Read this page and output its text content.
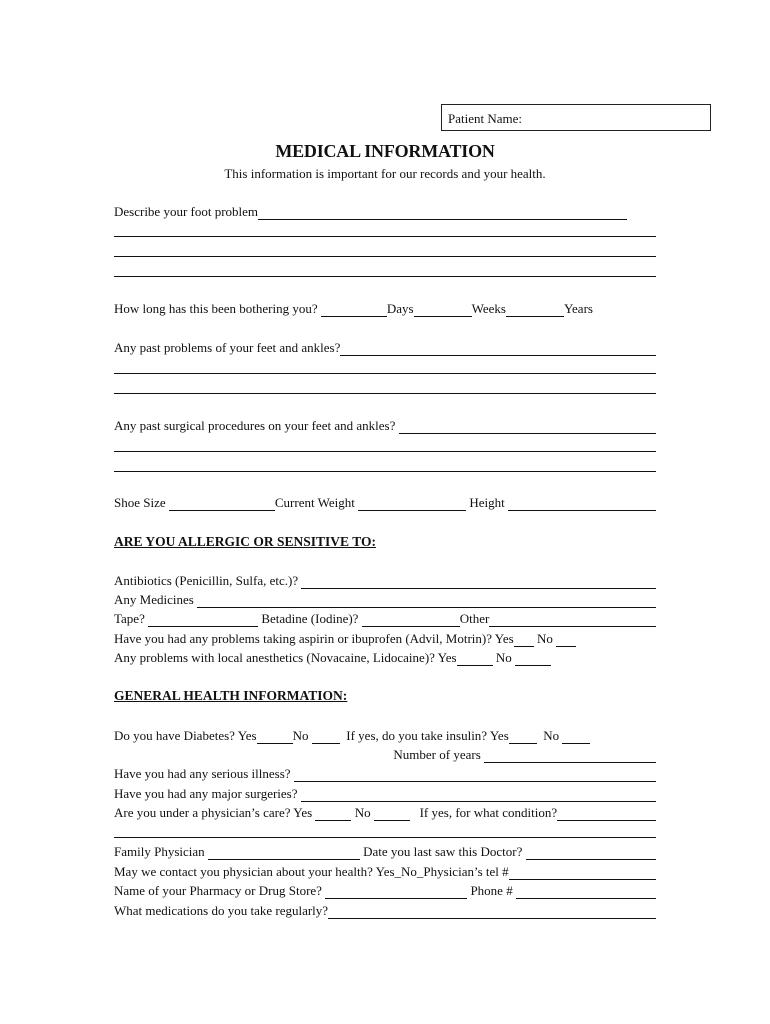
Patient Name:
MEDICAL INFORMATION
This information is important for our records and your health.
Describe your foot problem
How long has this been bothering you?
	Days	Weeks	Years
Any past problems of your feet and ankles?
Any past surgical procedures on your feet and ankles?

Shoe Size
	Current Weight

	Height

ARE YOU ALLERGIC OR SENSITIVE TO:
Antibiotics (Penicillin, Sulfa, etc.)?

Any Medicines

Tape?

	Betadine (Iodine)?
	Other
Have you had any problems taking aspirin or ibuprofen (Advil, Motrin)? Yes
No

Any problems with local anesthetics (Novacaine, Lidocaine)? Yes
	No

GENERAL HEALTH INFORMATION:
Do you have Diabetes? Yes	No

	If yes, do you take insulin? Yes
	No

Number of years

Have you had any serious illness?

Have you had any major surgeries?

Are you under a physician’s care? Yes

	No

	If yes, for what condition?
Family Physician

	Date you last saw this Doctor?

May we contact you physician about your health? Yes_No_Physician’s tel #
Name of your Pharmacy or Drug Store?

	Phone #

What medications do you take regularly?
